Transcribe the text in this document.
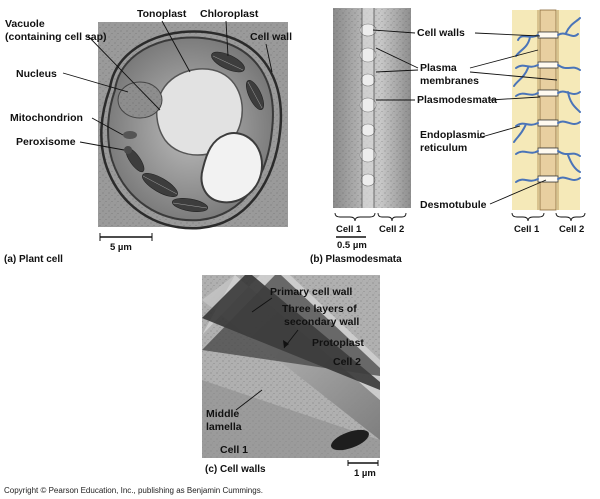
Vacuole
(containing cell sap)
Tonoplast Chloroplast
Cell wall
Nucleus
Mitochondrion
Peroxisome
5 µm
(a) Plant cell
Cell 1 Cell 2
0.5 µm
Cell 1 Cell 2
Cell walls
Plasma
membranes
Plasmodesmata
Endoplasmic
reticulum
Desmotubule
(b) Plasmodesmata
Primary cell wall
Three layers of
secondary wall
Protoplast
Cell 2
Middle
lamella
Cell 1
1 µm
(c) Cell walls
Copyright © Pearson Education, Inc., publishing as Benjamin Cummings.
